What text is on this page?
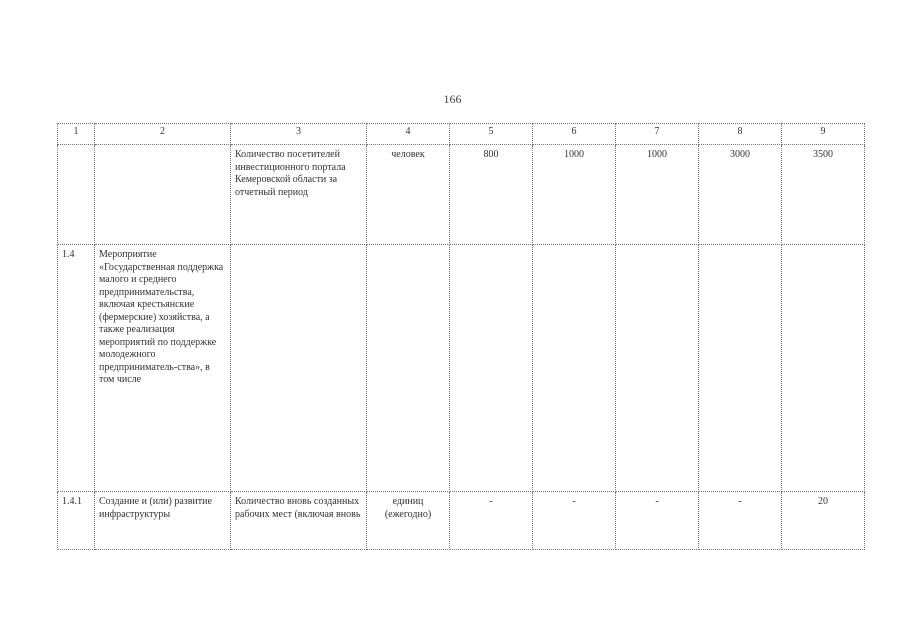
166
1	2	3	4	5	6	7	8	9
		Количество посетителей инвестиционного портала Кемеровской области за отчетный период	человек	800	1000	1000	3000	3500
1.4	Мероприятие «Государственная поддержка малого и среднего предпринимательства, включая крестьянские (фермерские) хозяйства, а также реализация мероприятий по поддержке молодежного предприниматель-ства», в том числе							
1.4.1	Создание и (или) развитие инфраструктуры	Количество вновь созданных рабочих мест (включая вновь	единиц (ежегодно)	-	-	-	-	20
